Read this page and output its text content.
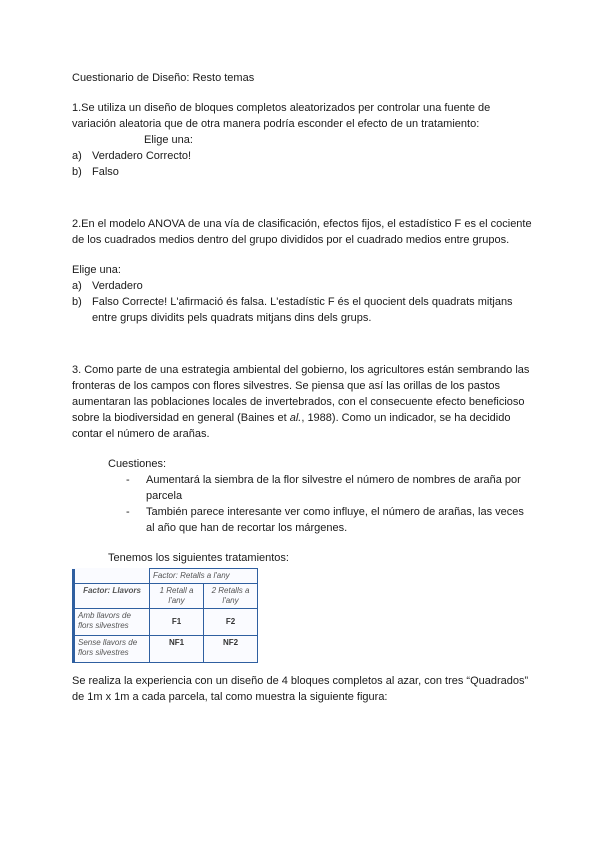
Cuestionario de Diseño: Resto temas

1.Se utiliza un diseño de bloques completos aleatorizados per controlar una fuente de variación aleatoria que de otra manera podría esconder el efecto de un tratamiento:

Elige una:

a) Verdadero Correcto!
b) Falso

2.En el modelo ANOVA de una vía de clasificación, efectos fijos, el estadístico F es el cociente de los cuadrados medios dentro del grupo divididos por el cuadrado medios entre grupos.

Elige una:

a) Verdadero
b) Falso Correcte! L'afirmació és falsa. L'estadístic F és el quocient dels quadrats mitjans entre grups dividits pels quadrats mitjans dins dels grups.

3. Como parte de una estrategia ambiental del gobierno, los agricultores están sembrando las fronteras de los campos con flores silvestres. Se piensa que así las orillas de los pastos aumentaran las poblaciones locales de invertebrados, con el consecuente efecto beneficioso sobre la biodiversidad en general (Baines et al., 1988). Como un indicador, se ha decidido contar el número de arañas.

Cuestiones:

- Aumentará la siembra de la flor silvestre el número de nombres de araña por parcela
- También parece interesante ver como influye, el número de arañas, las veces al año que han de recortar los márgenes.

Tenemos los siguientes tratamientos:

	Factor: Retalls a l'any	
Factor: Llavors	1 Retall a l'any	2 Retalls a l'any
Amb llavors de flors silvestres	F1	F2
Sense llavors de flors silvestres	NF1	NF2

Se realiza la experiencia con un diseño de 4 bloques completos al azar, con tres “Quadrados” de 1m x 1m a cada parcela, tal como muestra la siguiente figura:
